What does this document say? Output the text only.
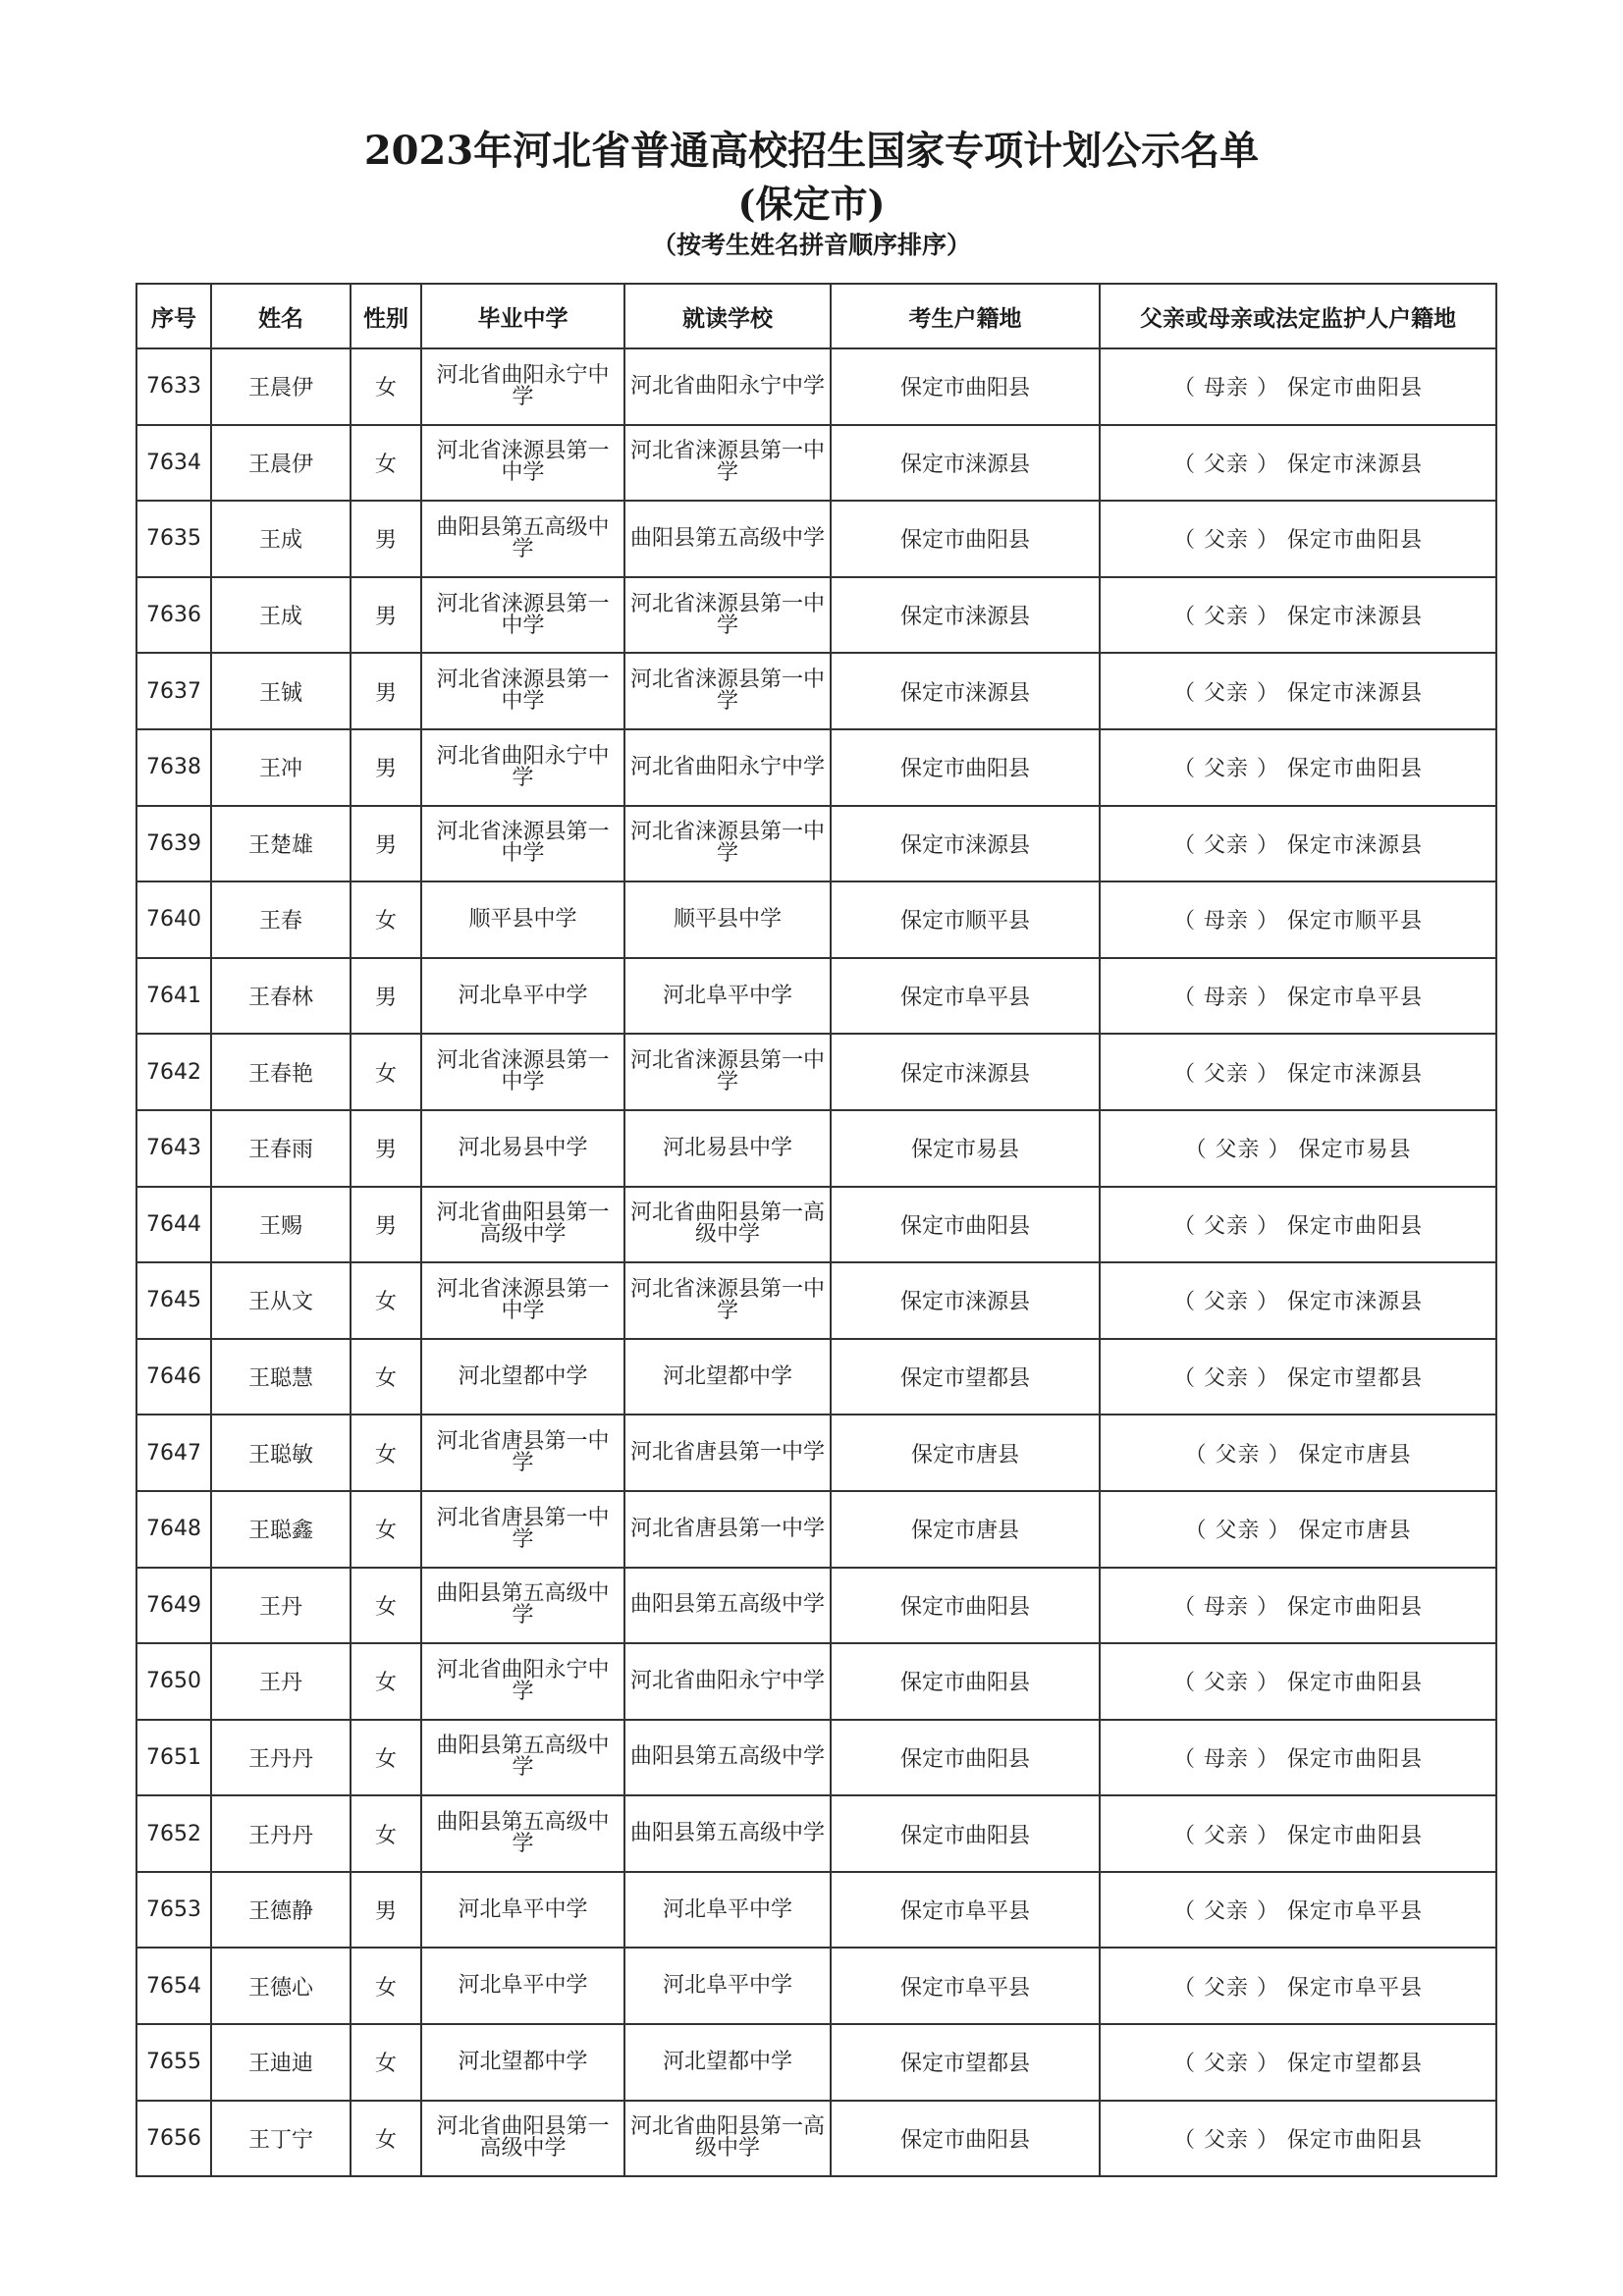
2023年河北省普通高校招生国家专项计划公示名单
(保定市)
（按考生姓名拼音顺序排序）
序号	姓名	性别	毕业中学	就读学校	考生户籍地	父亲或母亲或法定监护人户籍地
7633	王晨伊	女	河北省曲阳永宁中学	河北省曲阳永宁中学	保定市曲阳县	（ 母亲 ） 保定市曲阳县
7634	王晨伊	女	河北省涞源县第一中学	河北省涞源县第一中学	保定市涞源县	（ 父亲 ） 保定市涞源县
7635	王成	男	曲阳县第五高级中学	曲阳县第五高级中学	保定市曲阳县	（ 父亲 ） 保定市曲阳县
7636	王成	男	河北省涞源县第一中学	河北省涞源县第一中学	保定市涞源县	（ 父亲 ） 保定市涞源县
7637	王铖	男	河北省涞源县第一中学	河北省涞源县第一中学	保定市涞源县	（ 父亲 ） 保定市涞源县
7638	王冲	男	河北省曲阳永宁中学	河北省曲阳永宁中学	保定市曲阳县	（ 父亲 ） 保定市曲阳县
7639	王楚雄	男	河北省涞源县第一中学	河北省涞源县第一中学	保定市涞源县	（ 父亲 ） 保定市涞源县
7640	王春	女	顺平县中学	顺平县中学	保定市顺平县	（ 母亲 ） 保定市顺平县
7641	王春林	男	河北阜平中学	河北阜平中学	保定市阜平县	（ 母亲 ） 保定市阜平县
7642	王春艳	女	河北省涞源县第一中学	河北省涞源县第一中学	保定市涞源县	（ 父亲 ） 保定市涞源县
7643	王春雨	男	河北易县中学	河北易县中学	保定市易县	（ 父亲 ） 保定市易县
7644	王赐	男	河北省曲阳县第一高级中学	河北省曲阳县第一高级中学	保定市曲阳县	（ 父亲 ） 保定市曲阳县
7645	王从文	女	河北省涞源县第一中学	河北省涞源县第一中学	保定市涞源县	（ 父亲 ） 保定市涞源县
7646	王聪慧	女	河北望都中学	河北望都中学	保定市望都县	（ 父亲 ） 保定市望都县
7647	王聪敏	女	河北省唐县第一中学	河北省唐县第一中学	保定市唐县	（ 父亲 ） 保定市唐县
7648	王聪鑫	女	河北省唐县第一中学	河北省唐县第一中学	保定市唐县	（ 父亲 ） 保定市唐县
7649	王丹	女	曲阳县第五高级中学	曲阳县第五高级中学	保定市曲阳县	（ 母亲 ） 保定市曲阳县
7650	王丹	女	河北省曲阳永宁中学	河北省曲阳永宁中学	保定市曲阳县	（ 父亲 ） 保定市曲阳县
7651	王丹丹	女	曲阳县第五高级中学	曲阳县第五高级中学	保定市曲阳县	（ 母亲 ） 保定市曲阳县
7652	王丹丹	女	曲阳县第五高级中学	曲阳县第五高级中学	保定市曲阳县	（ 父亲 ） 保定市曲阳县
7653	王德静	男	河北阜平中学	河北阜平中学	保定市阜平县	（ 父亲 ） 保定市阜平县
7654	王德心	女	河北阜平中学	河北阜平中学	保定市阜平县	（ 父亲 ） 保定市阜平县
7655	王迪迪	女	河北望都中学	河北望都中学	保定市望都县	（ 父亲 ） 保定市望都县
7656	王丁宁	女	河北省曲阳县第一高级中学	河北省曲阳县第一高级中学	保定市曲阳县	（ 父亲 ） 保定市曲阳县
